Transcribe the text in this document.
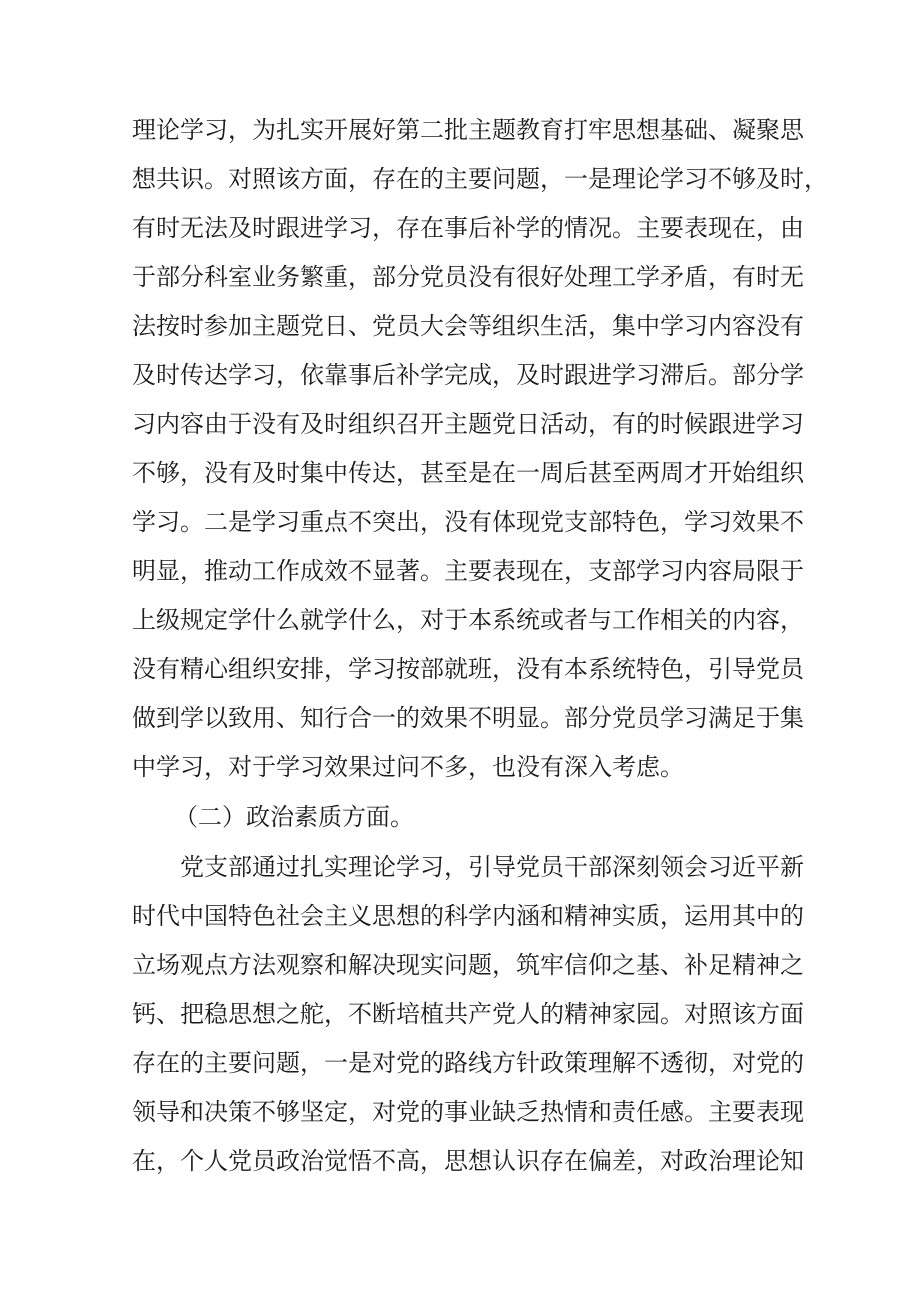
理论学习，为扎实开展好第二批主题教育打牢思想基础、凝聚思
想共识。对照该方面，存在的主要问题，一是理论学习不够及时，
有时无法及时跟进学习，存在事后补学的情况。主要表现在，由
于部分科室业务繁重，部分党员没有很好处理工学矛盾，有时无
法按时参加主题党日、党员大会等组织生活，集中学习内容没有
及时传达学习，依靠事后补学完成，及时跟进学习滞后。部分学
习内容由于没有及时组织召开主题党日活动，有的时候跟进学习
不够，没有及时集中传达，甚至是在一周后甚至两周才开始组织
学习。二是学习重点不突出，没有体现党支部特色，学习效果不
明显，推动工作成效不显著。主要表现在，支部学习内容局限于
上级规定学什么就学什么，对于本系统或者与工作相关的内容，
没有精心组织安排，学习按部就班，没有本系统特色，引导党员
做到学以致用、知行合一的效果不明显。部分党员学习满足于集
中学习，对于学习效果过问不多，也没有深入考虑。
（二）政治素质方面。
党支部通过扎实理论学习，引导党员干部深刻领会习近平新
时代中国特色社会主义思想的科学内涵和精神实质，运用其中的
立场观点方法观察和解决现实问题，筑牢信仰之基、补足精神之
钙、把稳思想之舵，不断培植共产党人的精神家园。对照该方面
存在的主要问题，一是对党的路线方针政策理解不透彻，对党的
领导和决策不够坚定，对党的事业缺乏热情和责任感。主要表现
在，个人党员政治觉悟不高，思想认识存在偏差，对政治理论知
